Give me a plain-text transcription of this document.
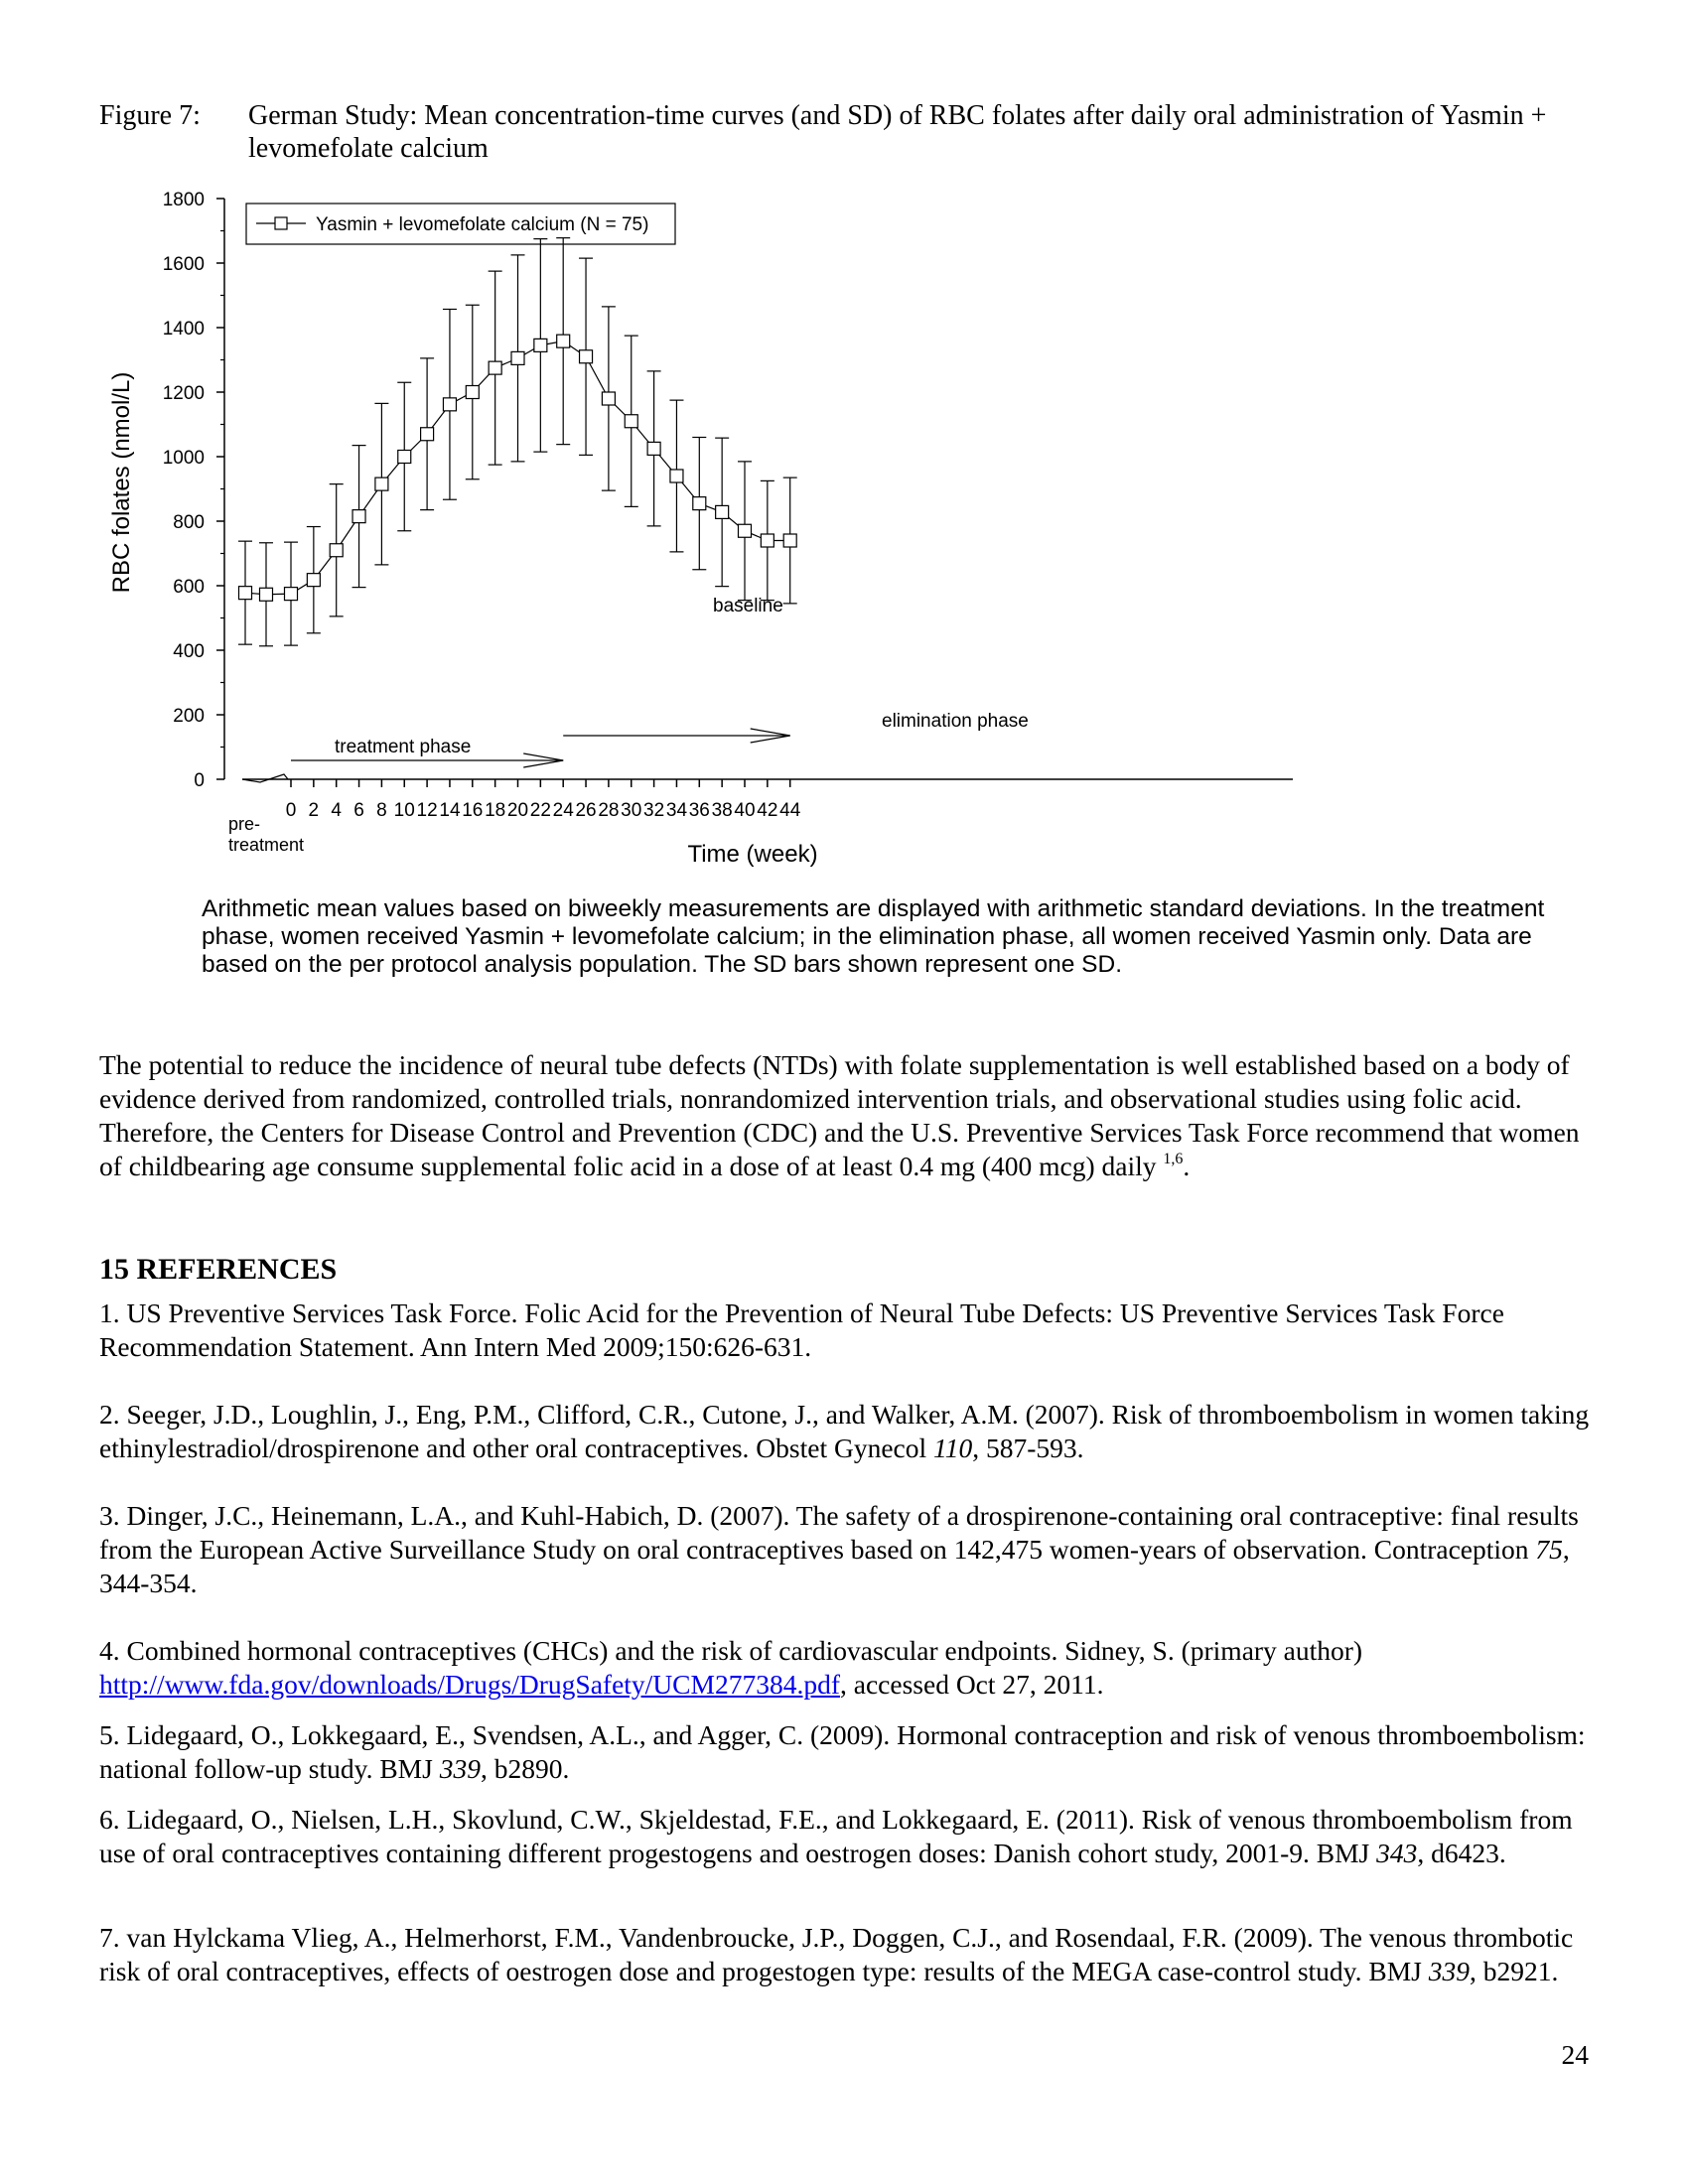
Figure 7: German Study: Mean concentration-time curves (and SD) of RBC folates after daily oral administration of Yasmin + levomefolate calcium
Yasmin + levomefolate calcium (N = 75)
RBC folates (nmol/L)
Time (week)
pre-
treatment
baseline
treatment phase
elimination phase
0
200
400
600
800
1000
1200
1400
1600
1800
0 2 4 6 8 10 12 14 16 18 20 22 24 26 28 30 32 34 36 38 40 42 44
Arithmetic mean values based on biweekly measurements are displayed with arithmetic standard deviations. In the treatment phase, women received Yasmin + levomefolate calcium; in the elimination phase, all women received Yasmin only. Data are based on the per protocol analysis population. The SD bars shown represent one SD.
The potential to reduce the incidence of neural tube defects (NTDs) with folate supplementation is well established based on a body of evidence derived from randomized, controlled trials, nonrandomized intervention trials, and observational studies using folic acid. Therefore, the Centers for Disease Control and Prevention (CDC) and the U.S. Preventive Services Task Force recommend that women of childbearing age consume supplemental folic acid in a dose of at least 0.4 mg (400 mcg) daily $^{1,6}$.
15 REFERENCES
1. US Preventive Services Task Force. Folic Acid for the Prevention of Neural Tube Defects: US Preventive Services Task Force Recommendation Statement. Ann Intern Med 2009;150:626-631.
2. Seeger, J.D., Loughlin, J., Eng, P.M., Clifford, C.R., Cutone, J., and Walker, A.M. (2007). Risk of thromboembolism in women taking ethinylestradiol/drospirenone and other oral contraceptives. Obstet Gynecol 110, 587-593.
3. Dinger, J.C., Heinemann, L.A., and Kuhl-Habich, D. (2007). The safety of a drospirenone-containing oral contraceptive: final results from the European Active Surveillance Study on oral contraceptives based on 142,475 women-years of observation. Contraception 75, 344-354.
4. Combined hormonal contraceptives (CHCs) and the risk of cardiovascular endpoints. Sidney, S. (primary author) http://www.fda.gov/downloads/Drugs/DrugSafety/UCM277384.pdf, accessed Oct 27, 2011.
5. Lidegaard, O., Lokkegaard, E., Svendsen, A.L., and Agger, C. (2009). Hormonal contraception and risk of venous thromboembolism: national follow-up study. BMJ 339, b2890.
6. Lidegaard, O., Nielsen, L.H., Skovlund, C.W., Skjeldestad, F.E., and Lokkegaard, E. (2011). Risk of venous thromboembolism from use of oral contraceptives containing different progestogens and oestrogen doses: Danish cohort study, 2001-9. BMJ 343, d6423.
7. van Hylckama Vlieg, A., Helmerhorst, F.M., Vandenbroucke, J.P., Doggen, C.J., and Rosendaal, F.R. (2009). The venous thrombotic risk of oral contraceptives, effects of oestrogen dose and progestogen type: results of the MEGA case-control study. BMJ 339, b2921.
24
